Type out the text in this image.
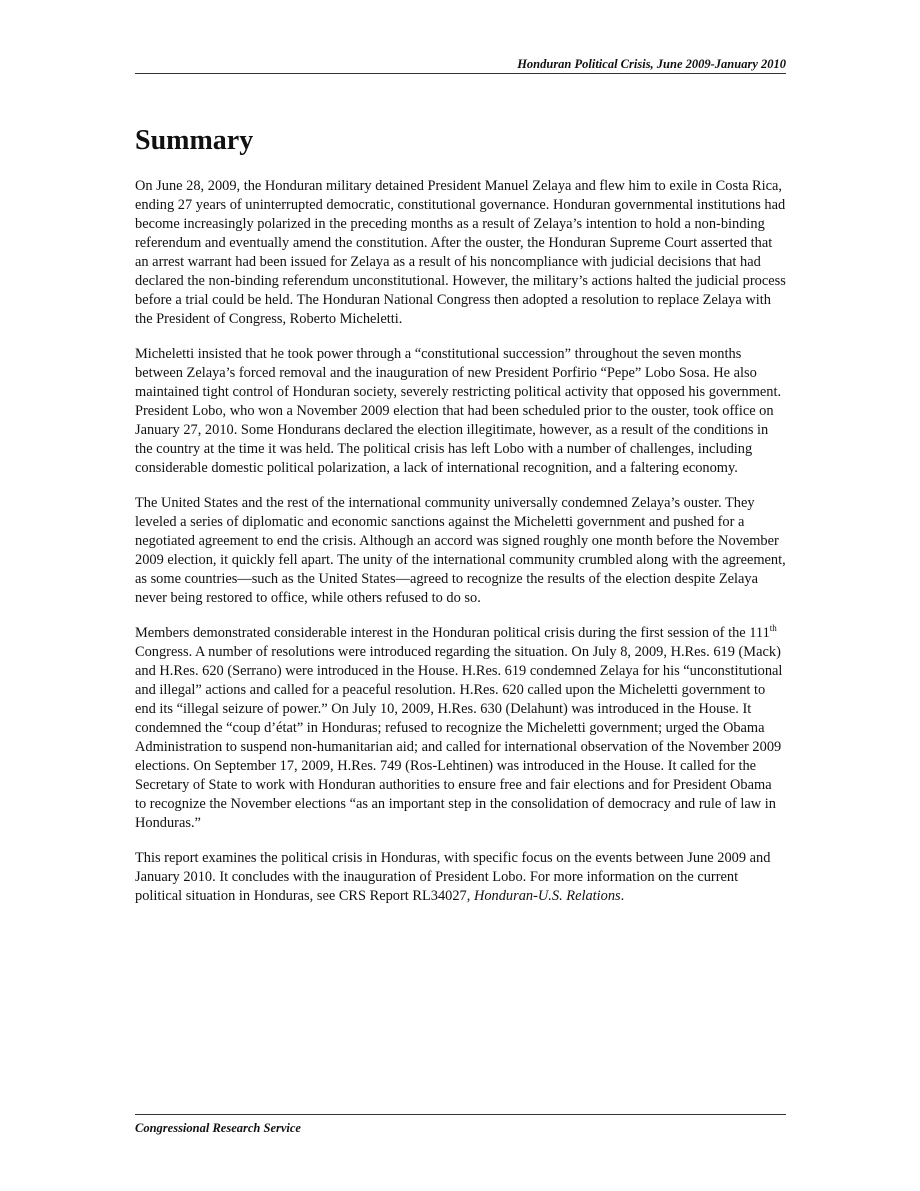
Honduran Political Crisis, June 2009-January 2010
Summary

On June 28, 2009, the Honduran military detained President Manuel Zelaya and flew him to exile in Costa Rica, ending 27 years of uninterrupted democratic, constitutional governance. Honduran governmental institutions had become increasingly polarized in the preceding months as a result of Zelaya’s intention to hold a non-binding referendum and eventually amend the constitution. After the ouster, the Honduran Supreme Court asserted that an arrest warrant had been issued for Zelaya as a result of his noncompliance with judicial decisions that had declared the non-binding referendum unconstitutional. However, the military’s actions halted the judicial process before a trial could be held. The Honduran National Congress then adopted a resolution to replace Zelaya with the President of Congress, Roberto Micheletti.

Micheletti insisted that he took power through a “constitutional succession” throughout the seven months between Zelaya’s forced removal and the inauguration of new President Porfirio “Pepe” Lobo Sosa. He also maintained tight control of Honduran society, severely restricting political activity that opposed his government. President Lobo, who won a November 2009 election that had been scheduled prior to the ouster, took office on January 27, 2010. Some Hondurans declared the election illegitimate, however, as a result of the conditions in the country at the time it was held. The political crisis has left Lobo with a number of challenges, including considerable domestic political polarization, a lack of international recognition, and a faltering economy.

The United States and the rest of the international community universally condemned Zelaya’s ouster. They leveled a series of diplomatic and economic sanctions against the Micheletti government and pushed for a negotiated agreement to end the crisis. Although an accord was signed roughly one month before the November 2009 election, it quickly fell apart. The unity of the international community crumbled along with the agreement, as some countries—such as the United States—agreed to recognize the results of the election despite Zelaya never being restored to office, while others refused to do so.

Members demonstrated considerable interest in the Honduran political crisis during the first session of the 111th Congress. A number of resolutions were introduced regarding the situation. On July 8, 2009, H.Res. 619 (Mack) and H.Res. 620 (Serrano) were introduced in the House. H.Res. 619 condemned Zelaya for his “unconstitutional and illegal” actions and called for a peaceful resolution. H.Res. 620 called upon the Micheletti government to end its “illegal seizure of power.” On July 10, 2009, H.Res. 630 (Delahunt) was introduced in the House. It condemned the “coup d’état” in Honduras; refused to recognize the Micheletti government; urged the Obama Administration to suspend non-humanitarian aid; and called for international observation of the November 2009 elections. On September 17, 2009, H.Res. 749 (Ros-Lehtinen) was introduced in the House. It called for the Secretary of State to work with Honduran authorities to ensure free and fair elections and for President Obama to recognize the November elections “as an important step in the consolidation of democracy and rule of law in Honduras.”

This report examines the political crisis in Honduras, with specific focus on the events between June 2009 and January 2010. It concludes with the inauguration of President Lobo. For more information on the current political situation in Honduras, see CRS Report RL34027, Honduran-U.S. Relations.

Congressional Research Service
